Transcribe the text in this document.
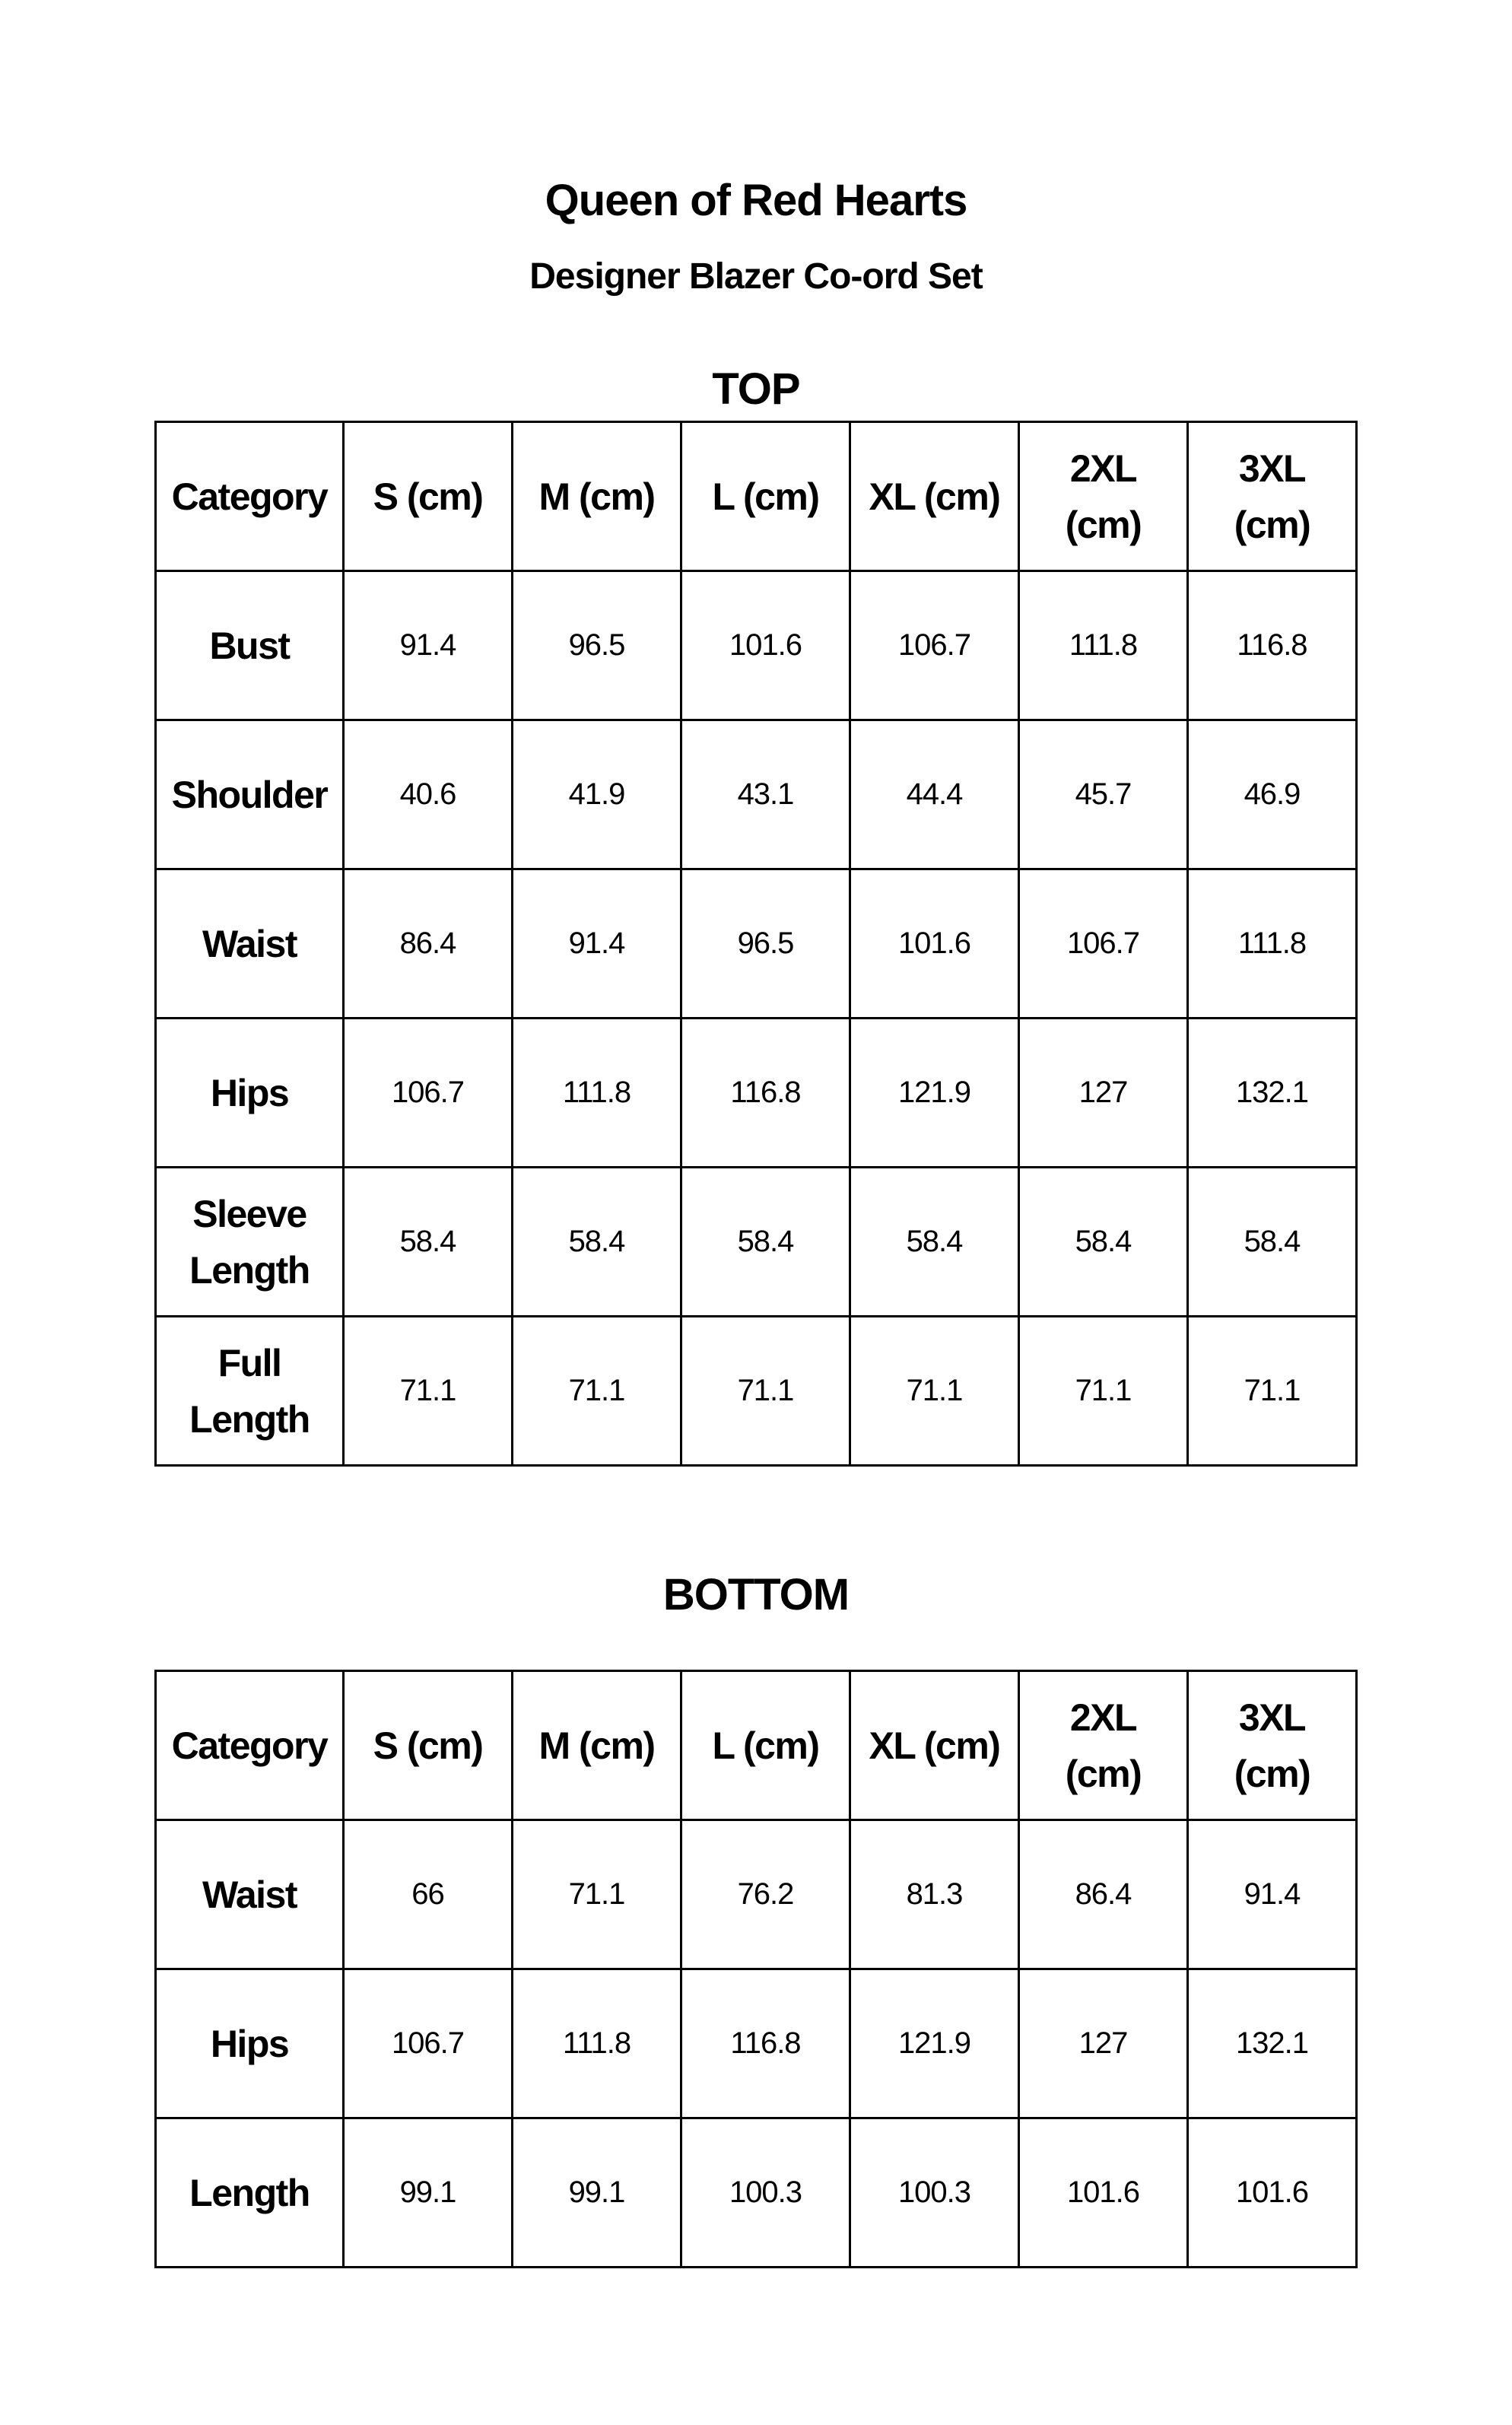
Queen of Red Hearts
Designer Blazer Co-ord Set
TOP
Category	S (cm)	M (cm)	L (cm)	XL (cm)	2XL (cm)	3XL (cm)
Bust	91.4	96.5	101.6	106.7	111.8	116.8
Shoulder	40.6	41.9	43.1	44.4	45.7	46.9
Waist	86.4	91.4	96.5	101.6	106.7	111.8
Hips	106.7	111.8	116.8	121.9	127	132.1
Sleeve Length	58.4	58.4	58.4	58.4	58.4	58.4
Full Length	71.1	71.1	71.1	71.1	71.1	71.1
BOTTOM
Category	S (cm)	M (cm)	L (cm)	XL (cm)	2XL (cm)	3XL (cm)
Waist	66	71.1	76.2	81.3	86.4	91.4
Hips	106.7	111.8	116.8	121.9	127	132.1
Length	99.1	99.1	100.3	100.3	101.6	101.6
